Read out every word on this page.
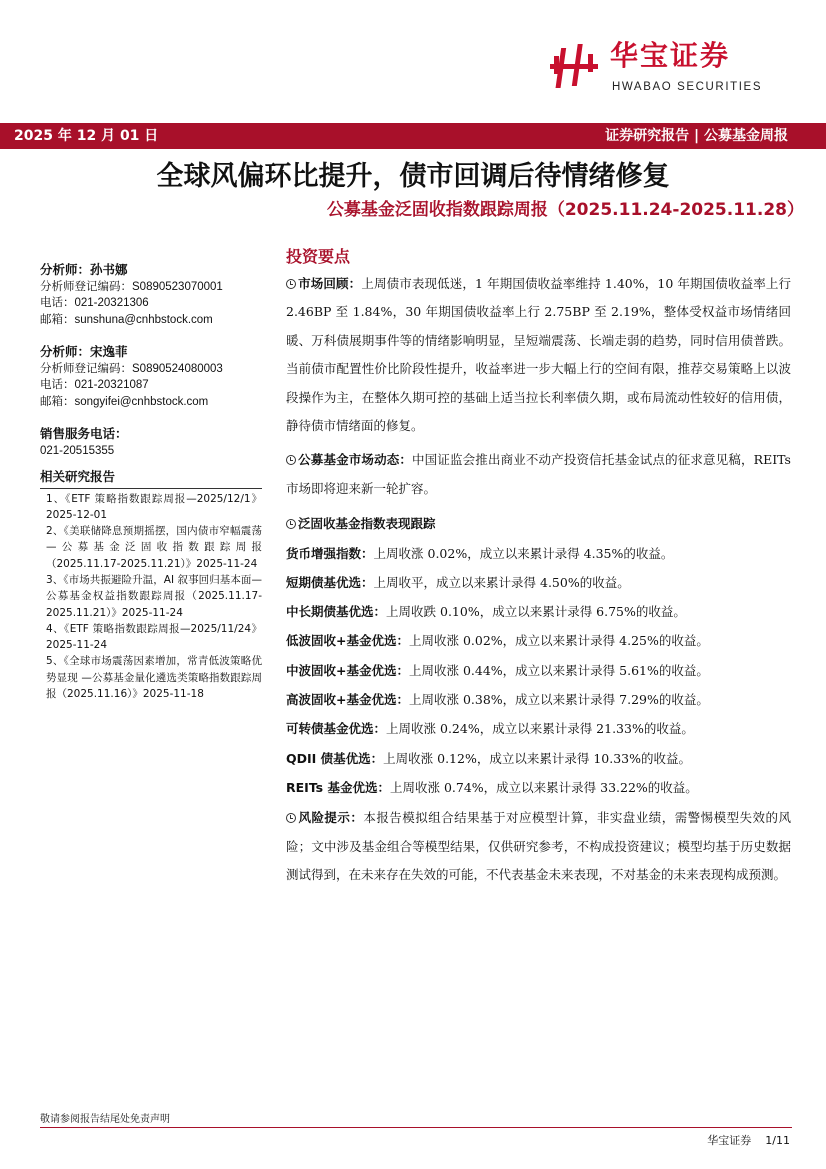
华宝证券
HWABAO SECURITIES
2025 年 12 月 01 日	证券研究报告 | 公募基金周报
全球风偏环比提升，债市回调后待情绪修复
公募基金泛固收指数跟踪周报（2025.11.24-2025.11.28）
分析师：孙书娜
分析师登记编码：S0890523070001
电话：021-20321306
邮箱：sunshuna@cnhbstock.com
分析师：宋逸菲
分析师登记编码：S0890524080003
电话：021-20321087
邮箱：songyifei@cnhbstock.com
销售服务电话：
021-20515355
相关研究报告
1、《ETF 策略指数跟踪周报—2025/12/1》2025-12-01
2、《美联储降息预期摇摆，国内债市窄幅震荡—公募基金泛固收指数跟踪周报（2025.11.17-2025.11.21）》2025-11-24
3、《市场共振避险升温，AI 叙事回归基本面—公募基金权益指数跟踪周报（2025.11.17-2025.11.21）》2025-11-24
4、《ETF 策略指数跟踪周报—2025/11/24》2025-11-24
5、《全球市场震荡因素增加，常青低波策略优势显现 —公募基金量化遴选类策略指数跟踪周报（2025.11.16）》2025-11-18
投资要点
市场回顾：上周债市表现低迷，1 年期国债收益率维持 1.40%，10 年期国债收益率上行 2.46BP 至 1.84%，30 年期国债收益率上行 2.75BP 至 2.19%，整体受权益市场情绪回暖、万科债展期事件等的情绪影响明显，呈短端震荡、长端走弱的趋势，同时信用债普跌。当前债市配置性价比阶段性提升，收益率进一步大幅上行的空间有限，推荐交易策略上以波段操作为主，在整体久期可控的基础上适当拉长利率债久期，或布局流动性较好的信用债，静待债市情绪面的修复。
公募基金市场动态：中国证监会推出商业不动产投资信托基金试点的征求意见稿，REITs 市场即将迎来新一轮扩容。
泛固收基金指数表现跟踪
货币增强指数：上周收涨 0.02%，成立以来累计录得 4.35%的收益。
短期债基优选：上周收平，成立以来累计录得 4.50%的收益。
中长期债基优选：上周收跌 0.10%，成立以来累计录得 6.75%的收益。
低波固收+基金优选：上周收涨 0.02%，成立以来累计录得 4.25%的收益。
中波固收+基金优选：上周收涨 0.44%，成立以来累计录得 5.61%的收益。
高波固收+基金优选：上周收涨 0.38%，成立以来累计录得 7.29%的收益。
可转债基金优选：上周收涨 0.24%，成立以来累计录得 21.33%的收益。
QDII 债基优选：上周收涨 0.12%，成立以来累计录得 10.33%的收益。
REITs 基金优选：上周收涨 0.74%，成立以来累计录得 33.22%的收益。
风险提示：本报告模拟组合结果基于对应模型计算，非实盘业绩，需警惕模型失效的风险；文中涉及基金组合等模型结果，仅供研究参考，不构成投资建议；模型均基于历史数据测试得到，在未来存在失效的可能，不代表基金未来表现，不对基金的未来表现构成预测。
敬请参阅报告结尾处免责声明
华宝证券 1/11
